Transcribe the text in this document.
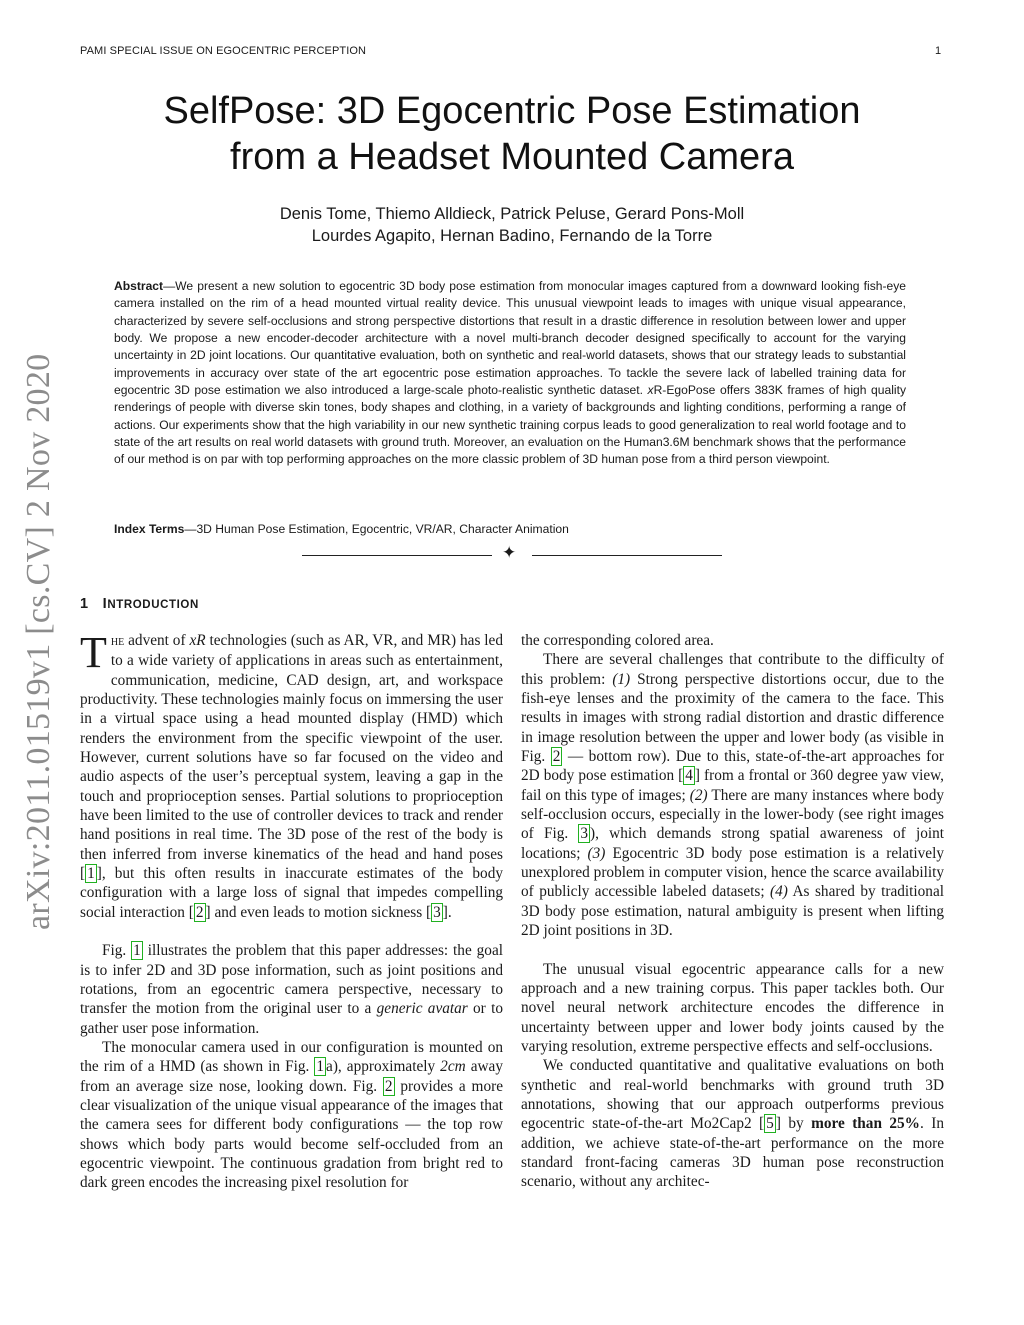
PAMI SPECIAL ISSUE ON EGOCENTRIC PERCEPTION	1
SelfPose: 3D Egocentric Pose Estimation
from a Headset Mounted Camera
Denis Tome, Thiemo Alldieck, Patrick Peluse, Gerard Pons-Moll
Lourdes Agapito, Hernan Badino, Fernando de la Torre
Abstract—We present a new solution to egocentric 3D body pose estimation from monocular images captured from a downward looking fish-eye camera installed on the rim of a head mounted virtual reality device. This unusual viewpoint leads to images with unique visual appearance, characterized by severe self-occlusions and strong perspective distortions that result in a drastic difference in resolution between lower and upper body. We propose a new encoder-decoder architecture with a novel multi-branch decoder designed specifically to account for the varying uncertainty in 2D joint locations. Our quantitative evaluation, both on synthetic and real-world datasets, shows that our strategy leads to substantial improvements in accuracy over state of the art egocentric pose estimation approaches. To tackle the severe lack of labelled training data for egocentric 3D pose estimation we also introduced a large-scale photo-realistic synthetic dataset. xR-EgoPose offers 383K frames of high quality renderings of people with diverse skin tones, body shapes and clothing, in a variety of backgrounds and lighting conditions, performing a range of actions. Our experiments show that the high variability in our new synthetic training corpus leads to good generalization to real world footage and to state of the art results on real world datasets with ground truth. Moreover, an evaluation on the Human3.6M benchmark shows that the performance of our method is on par with top performing approaches on the more classic problem of 3D human pose from a third person viewpoint.
Index Terms—3D Human Pose Estimation, Egocentric, VR/AR, Character Animation
✦
arXiv:2011.01519v1 [cs.CV] 2 Nov 2020 1 INTRODUCTION

The advent of xR technologies (such as AR, VR, and MR) has led to a wide variety of applications in areas such as entertainment, communication, medicine, CAD design, art, and workspace productivity. These technologies mainly focus on immersing the user in a virtual space using a head mounted display (HMD) which renders the environment from the specific viewpoint of the user. However, current solutions have so far focused on the video and audio aspects of the user’s perceptual system, leaving a gap in the touch and proprioception senses. Partial solutions to proprioception have been limited to the use of controller devices to track and render hand positions in real time. The 3D pose of the rest of the body is then inferred from inverse kinematics of the head and hand poses [ 1 ], but this often results in inaccurate estimates of the body configuration with a large loss of signal that impedes compelling social interaction [ 2 ] and even leads to motion sickness [ 3 ].

Fig. 1 illustrates the problem that this paper addresses: the goal is to infer 2D and 3D pose information, such as joint positions and rotations, from an egocentric camera perspective, necessary to transfer the motion from the original user to a generic avatar or to gather user pose information.

The monocular camera used in our configuration is mounted on the rim of a HMD (as shown in Fig. 1 a), approximately 2cm away from an average size nose, looking down. Fig. 2 provides a more clear visualization of the unique visual appearance of the images that the camera sees for different body configurations — the top row shows which body parts would become self-occluded from an egocentric viewpoint. The continuous gradation from bright red to dark green encodes the increasing pixel resolution for

the corresponding colored area.

There are several challenges that contribute to the difficulty of this problem: (1) Strong perspective distortions occur, due to the fish-eye lenses and the proximity of the camera to the face. This results in images with strong radial distortion and drastic difference in image resolution between the upper and lower body (as visible in Fig. 2 — bottom row). Due to this, state-of-the-art approaches for 2D body pose estimation [ 4 ] from a frontal or 360 degree yaw view, fail on this type of images; (2) There are many instances where body self-occlusion occurs, especially in the lower-body (see right images of Fig. 3 ), which demands strong spatial awareness of joint locations; (3) Egocentric 3D body pose estimation is a relatively unexplored problem in computer vision, hence the scarce availability of publicly accessible labeled datasets; (4) As shared by traditional 3D body pose estimation, natural ambiguity is present when lifting 2D joint positions in 3D.

The unusual visual egocentric appearance calls for a new approach and a new training corpus. This paper tackles both. Our novel neural network architecture encodes the difference in uncertainty between upper and lower body joints caused by the varying resolution, extreme perspective effects and self-occlusions.

We conducted quantitative and qualitative evaluations on both synthetic and real-world benchmarks with ground truth 3D annotations, showing that our approach outperforms previous egocentric state-of-the-art Mo2Cap2 [ 5 ] by more than 25%. In addition, we achieve state-of-the-art performance on the more standard front-facing cameras 3D human pose reconstruction scenario, without any architec-
